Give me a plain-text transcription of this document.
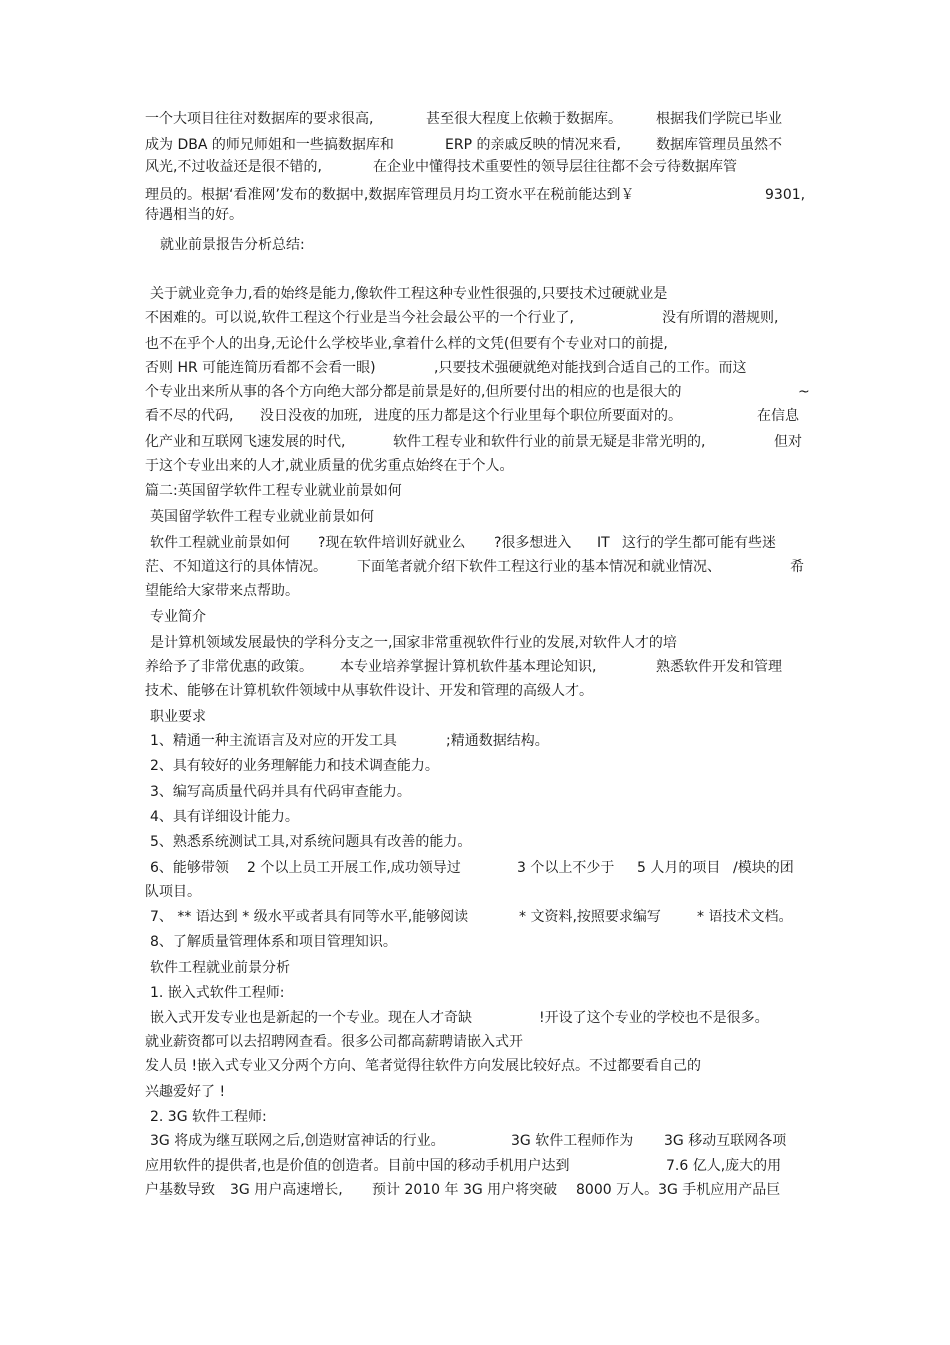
一个大项目往往对数据库的要求很高,	甚至很大程度上依赖于数据库。 根据我们学院已毕业
成为 DBA 的师兄师姐和一些搞数据库和	ERP 的亲戚反映的情况来看,	数据库管理员虽然不
风光,不过收益还是很不错的,	在企业中懂得技术重要性的领导层往往都不会亏待数据库管
理员的。根据‘看准网’发布的数据中,数据库管理员月均工资水平在税前能达到￥	9301,
待遇相当的好。
就业前景报告分析总结:
关于就业竞争力,看的始终是能力,像软件工程这种专业性很强的,只要技术过硬就业是
不困难的。可以说,软件工程这个行业是当今社会最公平的一个行业了,	没有所谓的潜规则,
也不在乎个人的出身,无论什么学校毕业,拿着什么样的文凭(但要有个专业对口的前提,
否则 HR 可能连简历看都不会看一眼)	,只要技术强硬就绝对能找到合适自己的工作。而这
个专业出来所从事的各个方向绝大部分都是前景是好的,但所要付出的相应的也是很大的	~
看不尽的代码, 没日没夜的加班, 进度的压力都是这个行业里每个职位所要面对的。	在信息
化产业和互联网飞速发展的时代,	软件工程专业和软件行业的前景无疑是非常光明的,	但对
于这个专业出来的人才,就业质量的优劣重点始终在于个人。
篇二:英国留学软件工程专业就业前景如何
英国留学软件工程专业就业前景如何
软件工程就业前景如何 ?现在软件培训好就业么 ?很多想进入 IT 这行的学生都可能有些迷
茫、不知道这行的具体情况。 下面笔者就介绍下软件工程这行业的基本情况和就业情况、	希
望能给大家带来点帮助。
专业简介
是计算机领域发展最快的学科分支之一,国家非常重视软件行业的发展,对软件人才的培
养给予了非常优惠的政策。 本专业培养掌握计算机软件基本理论知识,	熟悉软件开发和管理
技术、能够在计算机软件领域中从事软件设计、开发和管理的高级人才。
职业要求
1、精通一种主流语言及对应的开发工具	;精通数据结构。
2、具有较好的业务理解能力和技术调查能力。
3、编写高质量代码并具有代码审查能力。
4、具有详细设计能力。
5、熟悉系统测试工具,对系统问题具有改善的能力。
6、能够带领 2 个以上员工开展工作,成功领导过	3 个以上不少于 5 人月的项目 /模块的团
队项目。
7、 ** 语达到 * 级水平或者具有同等水平,能够阅读	* 文资料,按照要求编写	* 语技术文档。
8、了解质量管理体系和项目管理知识。
软件工程就业前景分析
1. 嵌入式软件工程师:
嵌入式开发专业也是新起的一个专业。现在人才奇缺	!开设了这个专业的学校也不是很多。
就业薪资都可以去招聘网查看。很多公司都高薪聘请嵌入式开
发人员 !嵌入式专业又分两个方向、笔者觉得往软件方向发展比较好点。不过都要看自己的
兴趣爱好了 !
2. 3G 软件工程师:
3G 将成为继互联网之后,创造财富神话的行业。	3G 软件工程师作为 3G 移动互联网各项
应用软件的提供者,也是价值的创造者。目前中国的移动手机用户达到	7.6 亿人,庞大的用
户基数导致 3G 用户高速增长, 预计 2010 年 3G 用户将突破 8000 万人。3G 手机应用产品巨
